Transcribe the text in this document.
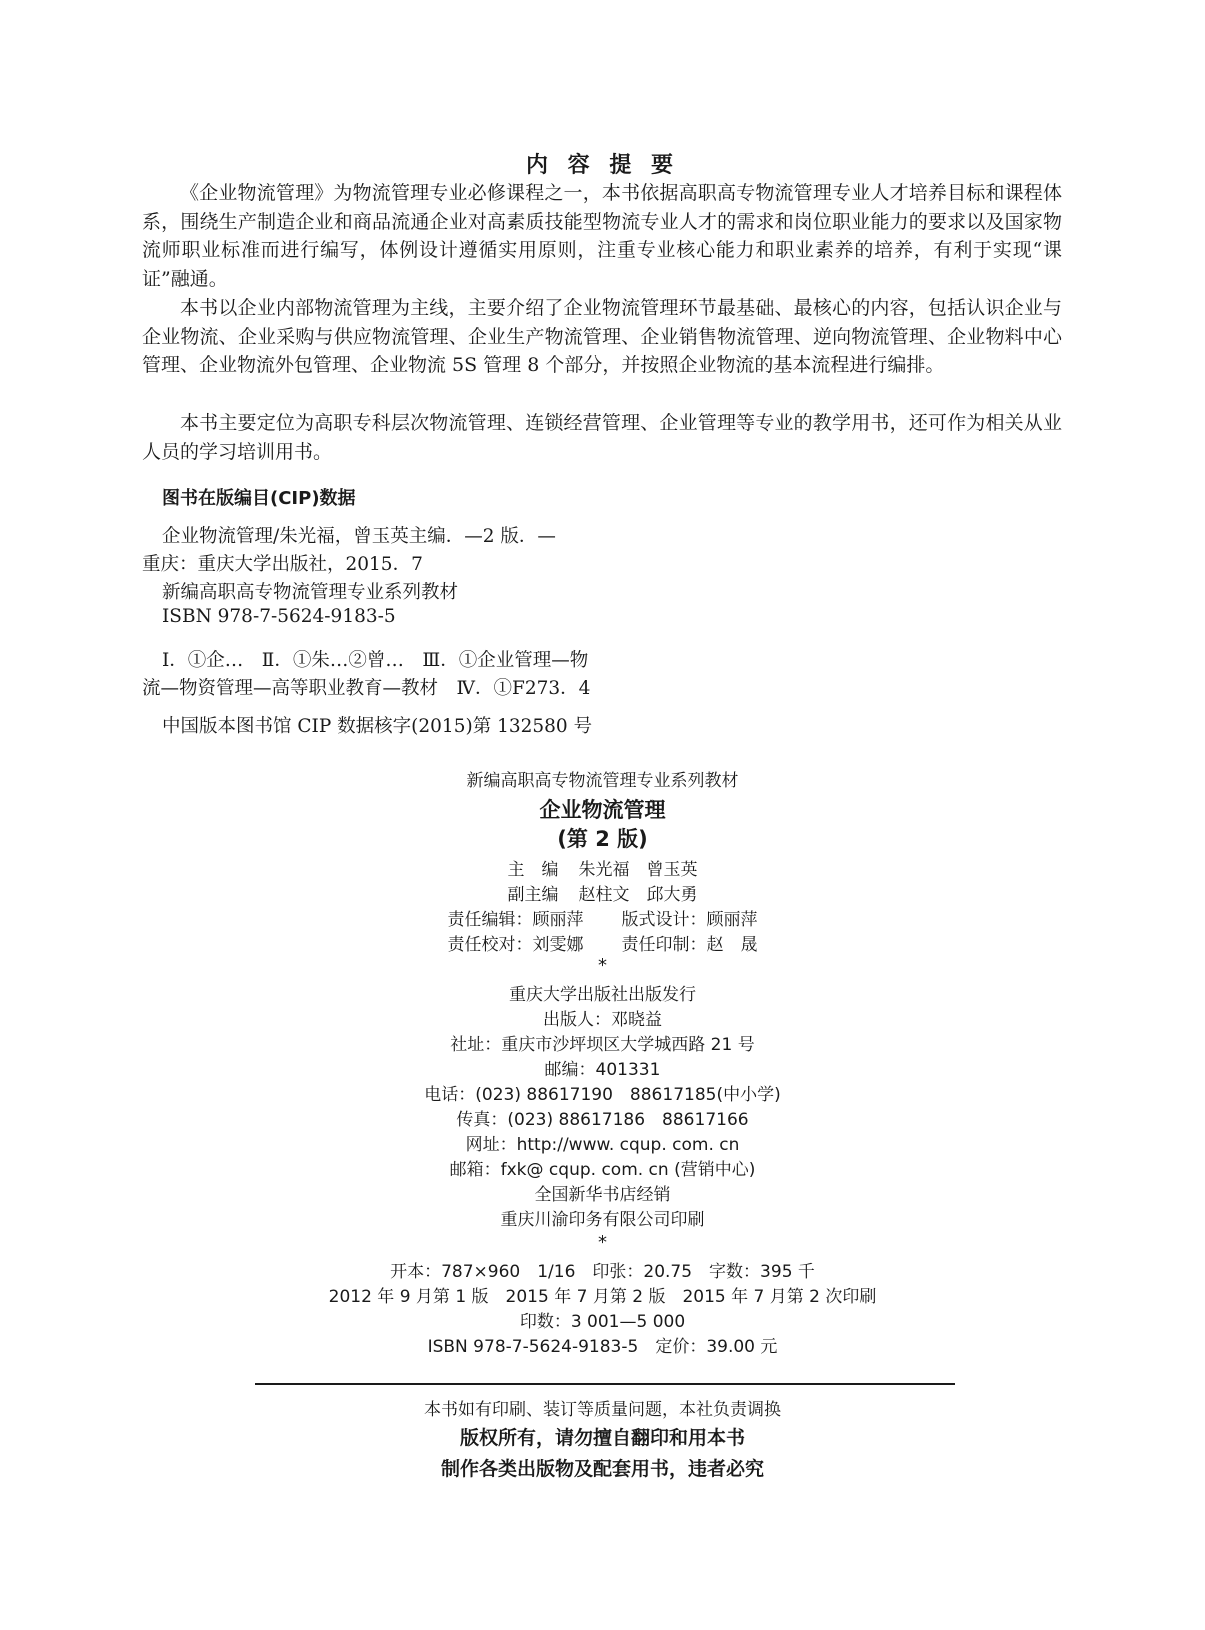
内 容 提 要

《企业物流管理》为物流管理专业必修课程之一，本书依据高职高专物流管理专业人才培养目标和课程体系，围绕生产制造企业和商品流通企业对高素质技能型物流专业人才的需求和岗位职业能力的要求以及国家物流师职业标准而进行编写，体例设计遵循实用原则，注重专业核心能力和职业素养的培养，有利于实现“课证”融通。

本书以企业内部物流管理为主线，主要介绍了企业物流管理环节最基础、最核心的内容，包括认识企业与企业物流、企业采购与供应物流管理、企业生产物流管理、企业销售物流管理、逆向物流管理、企业物料中心管理、企业物流外包管理、企业物流 5S 管理 8 个部分，并按照企业物流的基本流程进行编排。

本书主要定位为高职专科层次物流管理、连锁经营管理、企业管理等专业的教学用书，还可作为相关从业人员的学习培训用书。

图书在版编目(CIP)数据

企业物流管理/朱光福，曾玉英主编．—2 版．—

重庆：重庆大学出版社，2015．7

新编高职高专物流管理专业系列教材

ISBN 978-7-5624-9183-5

Ⅰ．①企…　Ⅱ．①朱…②曾…　Ⅲ．①企业管理—物

流—物资管理—高等职业教育—教材　Ⅳ．①F273．4

中国版本图书馆 CIP 数据核字(2015)第 132580 号

新编高职高专物流管理专业系列教材
企业物流管理
(第 2 版)
主　编 朱光福　曾玉英
副主编 赵柱文　邱大勇
责任编辑：顾丽萍 版式设计：顾丽萍
责任校对：刘雯娜 责任印制：赵　晟
*
重庆大学出版社出版发行
出版人：邓晓益
社址：重庆市沙坪坝区大学城西路 21 号
邮编：401331
电话：(023) 88617190　88617185(中小学)
传真：(023) 88617186　88617166
网址：http://www. cqup. com. cn
邮箱：fxk@ cqup. com. cn (营销中心)
全国新华书店经销
重庆川渝印务有限公司印刷
*
开本：787×960　1/16　印张：20.75　字数：395 千
2012 年 9 月第 1 版　2015 年 7 月第 2 版　2015 年 7 月第 2 次印刷
印数：3 001—5 000
ISBN 978-7-5624-9183-5　定价：39.00 元
本书如有印刷、装订等质量问题，本社负责调换
版权所有，请勿擅自翻印和用本书
制作各类出版物及配套用书，违者必究
